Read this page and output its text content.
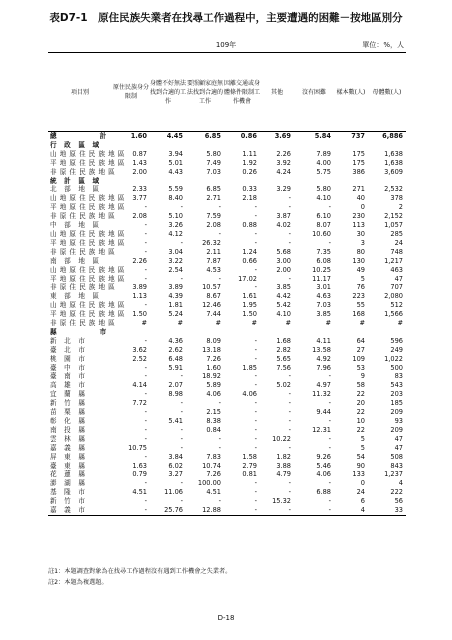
表D7-1　原住民族失業者在找尋工作過程中，主要遭遇的困難－按地區別分
109年	單位：%，人
項目別	原住民族身分限制	身體不好無法找到合適的工作	要照顧家庭無法找到合適的工作	因離交通或身體條件限制工作機會	其他	沒有困難	樣本數(人)	母體數(人)
總　　　　　　計	1.60	4.45	6.85	0.86	3.69	5.84	737	6,886
行　政　區　域								
山 地 原 住 民 族 地 區	0.87	3.94	5.80	1.11	2.26	7.89	175	1,638
平 地 原 住 民 族 地 區	1.43	5.01	7.49	1.92	3.92	4.00	175	1,638
非 原 住 民 族 地 區	2.00	4.43	7.03	0.26	4.24	5.75	386	3,609
統　計　區　域								
北　部　地　區	2.33	5.59	6.85	0.33	3.29	5.80	271	2,532
山 地 原 住 民 族 地 區	3.77	8.40	2.71	2.18	-	4.10	40	378
平 地 原 住 民 族 地 區	-	-	-	-	-	-	0	2
非 原 住 民 族 地 區	2.08	5.10	7.59	-	3.87	6.10	230	2,152
中　部　地　區	-	3.26	2.08	0.88	4.02	8.07	113	1,057
山 地 原 住 民 族 地 區	-	4.12	-	-	-	10.60	30	285
平 地 原 住 民 族 地 區	-	-	26.32	-	-	-	3	24
非 原 住 民 族 地 區	-	3.04	2.11	1.24	5.68	7.35	80	748
南　部　地　區	2.26	3.22	7.87	0.66	3.00	6.08	130	1,217
山 地 原 住 民 族 地 區	-	2.54	4.53	-	2.00	10.25	49	463
平 地 原 住 民 族 地 區	-	-	-	17.02	-	11.17	5	47
非 原 住 民 族 地 區	3.89	3.89	10.57	-	3.85	3.01	76	707
東　部　地　區	1.13	4.39	8.67	1.61	4.42	4.63	223	2,080
山 地 原 住 民 族 地 區	-	1.81	12.46	1.95	5.42	7.03	55	512
平 地 原 住 民 族 地 區	1.50	5.24	7.44	1.50	4.10	3.85	168	1,566
非 原 住 民 族 地 區	#	#	#	#	#	#	#	#
縣　　　　　　市								
新　北　市	-	4.36	8.09	-	1.68	4.11	64	596
臺　北　市	3.62	2.62	13.18	-	2.82	13.58	27	249
桃　園　市	2.52	6.48	7.26	-	5.65	4.92	109	1,022
臺　中　市	-	5.91	1.60	1.85	7.56	7.96	53	500
臺　南　市	-	-	18.92	-	-	-	9	83
高　雄　市	4.14	2.07	5.89	-	5.02	4.97	58	543
宜　蘭　縣	-	8.98	4.06	4.06	-	11.32	22	203
新　竹　縣	7.72	-	-	-	-	-	20	185
苗　栗　縣	-	-	2.15	-	-	9.44	22	209
彰　化　縣	-	5.41	8.38	-	-	-	10	93
南　投　縣	-	-	0.84	-	-	12.31	22	209
雲　林　縣	-	-	-	-	10.22	-	5	47
嘉　義　縣	10.75	-	-	-	-	-	5	47
屏　東　縣	-	3.84	7.83	1.58	1.82	9.26	54	508
臺　東　縣	1.63	6.02	10.74	2.79	3.88	5.46	90	843
花　蓮　縣	0.79	3.27	7.26	0.81	4.79	4.06	133	1,237
澎　湖　縣	-	-	100.00	-	-	-	0	4
基　隆　市	4.51	11.06	4.51	-	-	6.88	24	222
新　竹　市	-	-	-	-	15.32	-	6	56
嘉　義　市	-	25.76	12.88	-	-	-	4	33
註1：本題調查對象為在找尋工作過程沒有遇到工作機會之失業者。
註2：本題為複選題。
D-18
